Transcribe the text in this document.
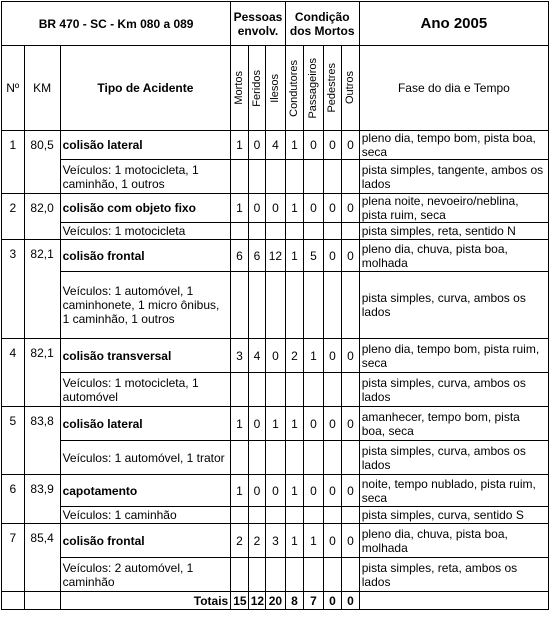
BR 470 - SC - Km 080 a 089			Pessoas envolv.			Condição dos Mortos				Ano 2005
Nº	KM	Tipo de Acidente	Mortos	Feridos	Ilesos	Condutores	Passageiros	Pedestres	Outros	Fase do dia e Tempo
1	80,5	colisão lateral	1	0	4	1	0	0	0	pleno dia, tempo bom, pista boa, seca
		Veículos: 1 motocicleta, 1 caminhão, 1 outros								pista simples, tangente, ambos os lados
2	82,0	colisão com objeto fixo	1	0	0	1	0	0	0	plena noite, nevoeiro/neblina, pista ruim, seca
		Veículos: 1 motocicleta								pista simples, reta, sentido N
3	82,1	colisão frontal	6	6	12	1	5	0	0	pleno dia, chuva, pista boa, molhada
		Veículos: 1 automóvel, 1 caminhonete, 1 micro ônibus, 1 caminhão, 1 outros								pista simples, curva, ambos os lados
4	82,1	colisão transversal	3	4	0	2	1	0	0	pleno dia, tempo bom, pista ruim, seca
		Veículos: 1 motocicleta, 1 automóvel								pista simples, curva, ambos os lados
5	83,8	colisão lateral	1	0	1	1	0	0	0	amanhecer, tempo bom, pista boa, seca
		Veículos: 1 automóvel, 1 trator								pista simples, curva, ambos os lados
6	83,9	capotamento	1	0	0	1	0	0	0	noite, tempo nublado, pista ruim, seca
		Veículos: 1 caminhão								pista simples, curva, sentido S
7	85,4	colisão frontal	2	2	3	1	1	0	0	pleno dia, chuva, pista boa, molhada
		Veículos: 2 automóvel, 1 caminhão								pista simples, reta, ambos os lados
		Totais	15	12	20	8	7	0	0	
